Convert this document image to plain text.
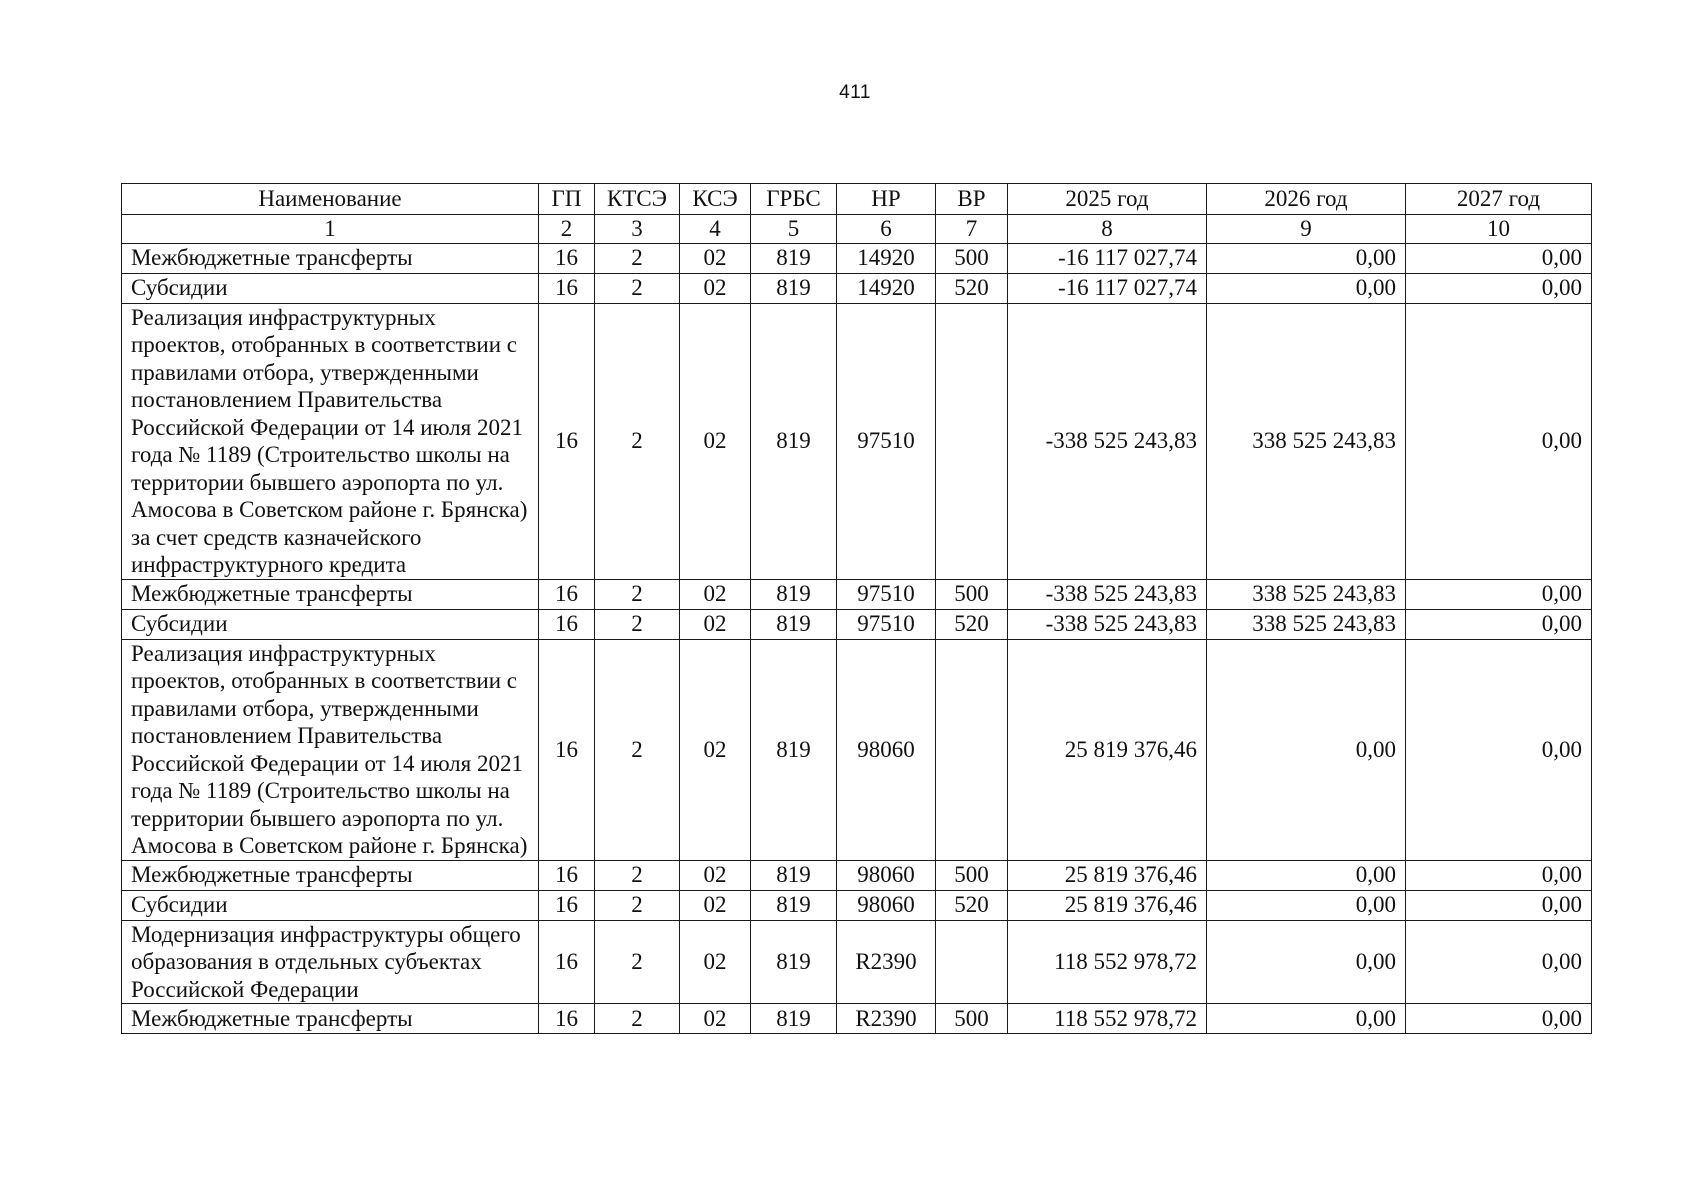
411
Наименование	ГП	КТСЭ	КСЭ	ГРБС	НР	ВР	2025 год	2026 год	2027 год
1	2	3	4	5	6	7	8	9	10
Межбюджетные трансферты	16	2	02	819	14920	500	-16 117 027,74	0,00	0,00
Субсидии	16	2	02	819	14920	520	-16 117 027,74	0,00	0,00
Реализация инфраструктурных проектов, отобранных в соответствии с правилами отбора, утвержденными постановлением Правительства Российской Федерации от 14 июля 2021 года № 1189 (Строительство школы на территории бывшего аэропорта по ул. Амосова в Советском районе г. Брянска) за счет средств казначейского инфраструктурного кредита	16	2	02	819	97510		-338 525 243,83	338 525 243,83	0,00
Межбюджетные трансферты	16	2	02	819	97510	500	-338 525 243,83	338 525 243,83	0,00
Субсидии	16	2	02	819	97510	520	-338 525 243,83	338 525 243,83	0,00
Реализация инфраструктурных проектов, отобранных в соответствии с правилами отбора, утвержденными постановлением Правительства Российской Федерации от 14 июля 2021 года № 1189 (Строительство школы на территории бывшего аэропорта по ул. Амосова в Советском районе г. Брянска)	16	2	02	819	98060		25 819 376,46	0,00	0,00
Межбюджетные трансферты	16	2	02	819	98060	500	25 819 376,46	0,00	0,00
Субсидии	16	2	02	819	98060	520	25 819 376,46	0,00	0,00
Модернизация инфраструктуры общего образования в отдельных субъектах Российской Федерации	16	2	02	819	R2390		118 552 978,72	0,00	0,00
Межбюджетные трансферты	16	2	02	819	R2390	500	118 552 978,72	0,00	0,00
